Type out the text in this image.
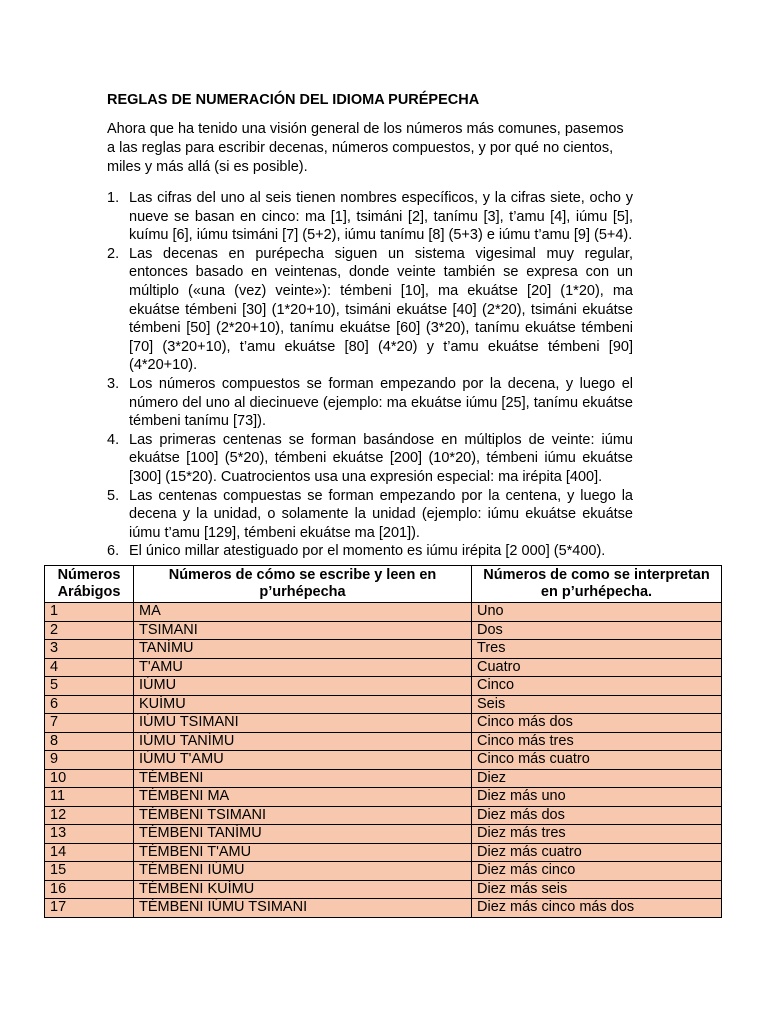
REGLAS DE NUMERACIÓN DEL IDIOMA PURÉPECHA

Ahora que ha tenido una visión general de los números más comunes, pasemos a las reglas para escribir decenas, números compuestos, y por qué no cientos, miles y más allá (si es posible).

1. Las cifras del uno al seis tienen nombres específicos, y la cifras siete, ocho y nueve se basan en cinco: ma [1], tsimáni [2], tanímu [3], t’amu [4], iúmu [5], kuímu [6], iúmu tsimáni [7] (5+2), iúmu tanímu [8] (5+3) e iúmu t’amu [9] (5+4).
2. Las decenas en purépecha siguen un sistema vigesimal muy regular, entonces basado en veintenas, donde veinte también se expresa con un múltiplo («una (vez) veinte»): témbeni [10], ma ekuátse [20] (1*20), ma ekuátse témbeni [30] (1*20+10), tsimáni ekuátse [40] (2*20), tsimáni ekuátse témbeni [50] (2*20+10), tanímu ekuátse [60] (3*20), tanímu ekuátse témbeni [70] (3*20+10), t’amu ekuátse [80] (4*20) y t’amu ekuátse témbeni [90] (4*20+10).
3. Los números compuestos se forman empezando por la decena, y luego el número del uno al diecinueve (ejemplo: ma ekuátse iúmu [25], tanímu ekuátse témbeni tanímu [73]).
4. Las primeras centenas se forman basándose en múltiplos de veinte: iúmu ekuátse [100] (5*20), témbeni ekuátse [200] (10*20), témbeni iúmu ekuátse [300] (15*20). Cuatrocientos usa una expresión especial: ma irépita [400].
5. Las centenas compuestas se forman empezando por la centena, y luego la decena y la unidad, o solamente la unidad (ejemplo: iúmu ekuátse ekuátse iúmu t’amu [129], témbeni ekuátse ma [201]).
6. El único millar atestiguado por el momento es iúmu irépita [2 000] (5*400).
Números Arábigos	Números de cómo se escribe y leen en p’urhépecha	Números de como se interpretan en p’urhépecha.
1	MA	Uno
2	TSIMANI	Dos
3	TANÍMU	Tres
4	T'AMU	Cuatro
5	IÚMU	Cinco
6	KUÍMU	Seis
7	IÚMU TSIMANI	Cinco más dos
8	IÚMU TANÍMU	Cinco más tres
9	IÚMU T'AMU	Cinco más cuatro
10	TÉMBENI	Diez
11	TÉMBENI MA	Diez más uno
12	TÉMBENI TSIMANI	Diez más dos
13	TÉMBENI TANÍMU	Diez más tres
14	TÉMBENI T'AMU	Diez más cuatro
15	TÉMBENI IÚMU	Diez más cinco
16	TÉMBENI KUÍMU	Diez más seis
17	TÉMBENI IÚMU TSIMANI	Diez más cinco más dos
